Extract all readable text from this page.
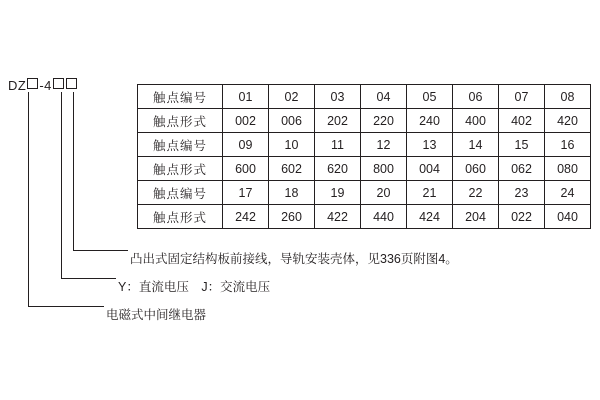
DZ -4
凸出式固定结构板前接线，导轨安装壳体，见336页附图4。
Y：直流电压　J：交流电压
电磁式中间继电器
触点编号	01	02	03	04	05	06	07	08
触点形式	002	006	202	220	240	400	402	420
触点编号	09	10	11	12	13	14	15	16
触点形式	600	602	620	800	004	060	062	080
触点编号	17	18	19	20	21	22	23	24
触点形式	242	260	422	440	424	204	022	040
